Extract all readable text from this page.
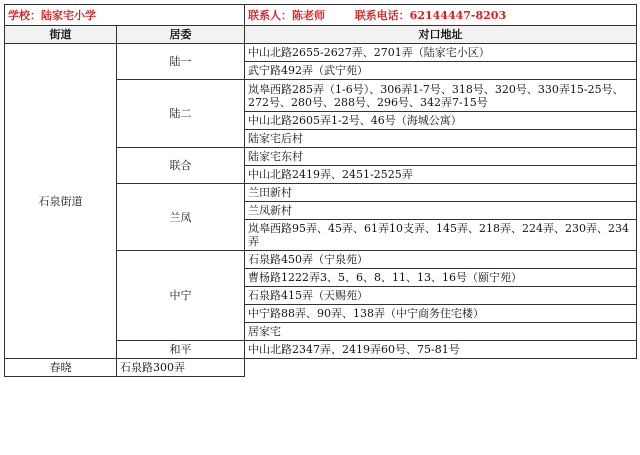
学校：陆家宅小学		联系人：陈老师 联系电话：62144447-8203
街道	居委	对口地址
石泉街道	陆一	中山北路2655-2627弄、2701弄（陆家宅小区）
		武宁路492弄（武宁苑）
	陆二	岚皋西路285弄（1-6号）、306弄1-7号、318号、320号、330弄15-25号、272号、280号、288号、296号、342弄7-15号
		中山北路2605弄1-2号、46号（海城公寓）
		陆家宅后村
	联合	陆家宅东村
		中山北路2419弄、2451-2525弄
	兰凤	兰田新村
		兰凤新村
		岚皋西路95弄、45弄、61弄10支弄、145弄、218弄、224弄、230弄、234弄
	中宁	石泉路450弄（宁泉苑）
		曹杨路1222弄3、5、6、8、11、13、16号（颐宁苑）
		石泉路415弄（天赐苑）
		中宁路88弄、90弄、138弄（中宁商务住宅楼）
		居家宅
	和平	中山北路2347弄、2419弄60号、75-81号
春晓	石泉路300弄	
